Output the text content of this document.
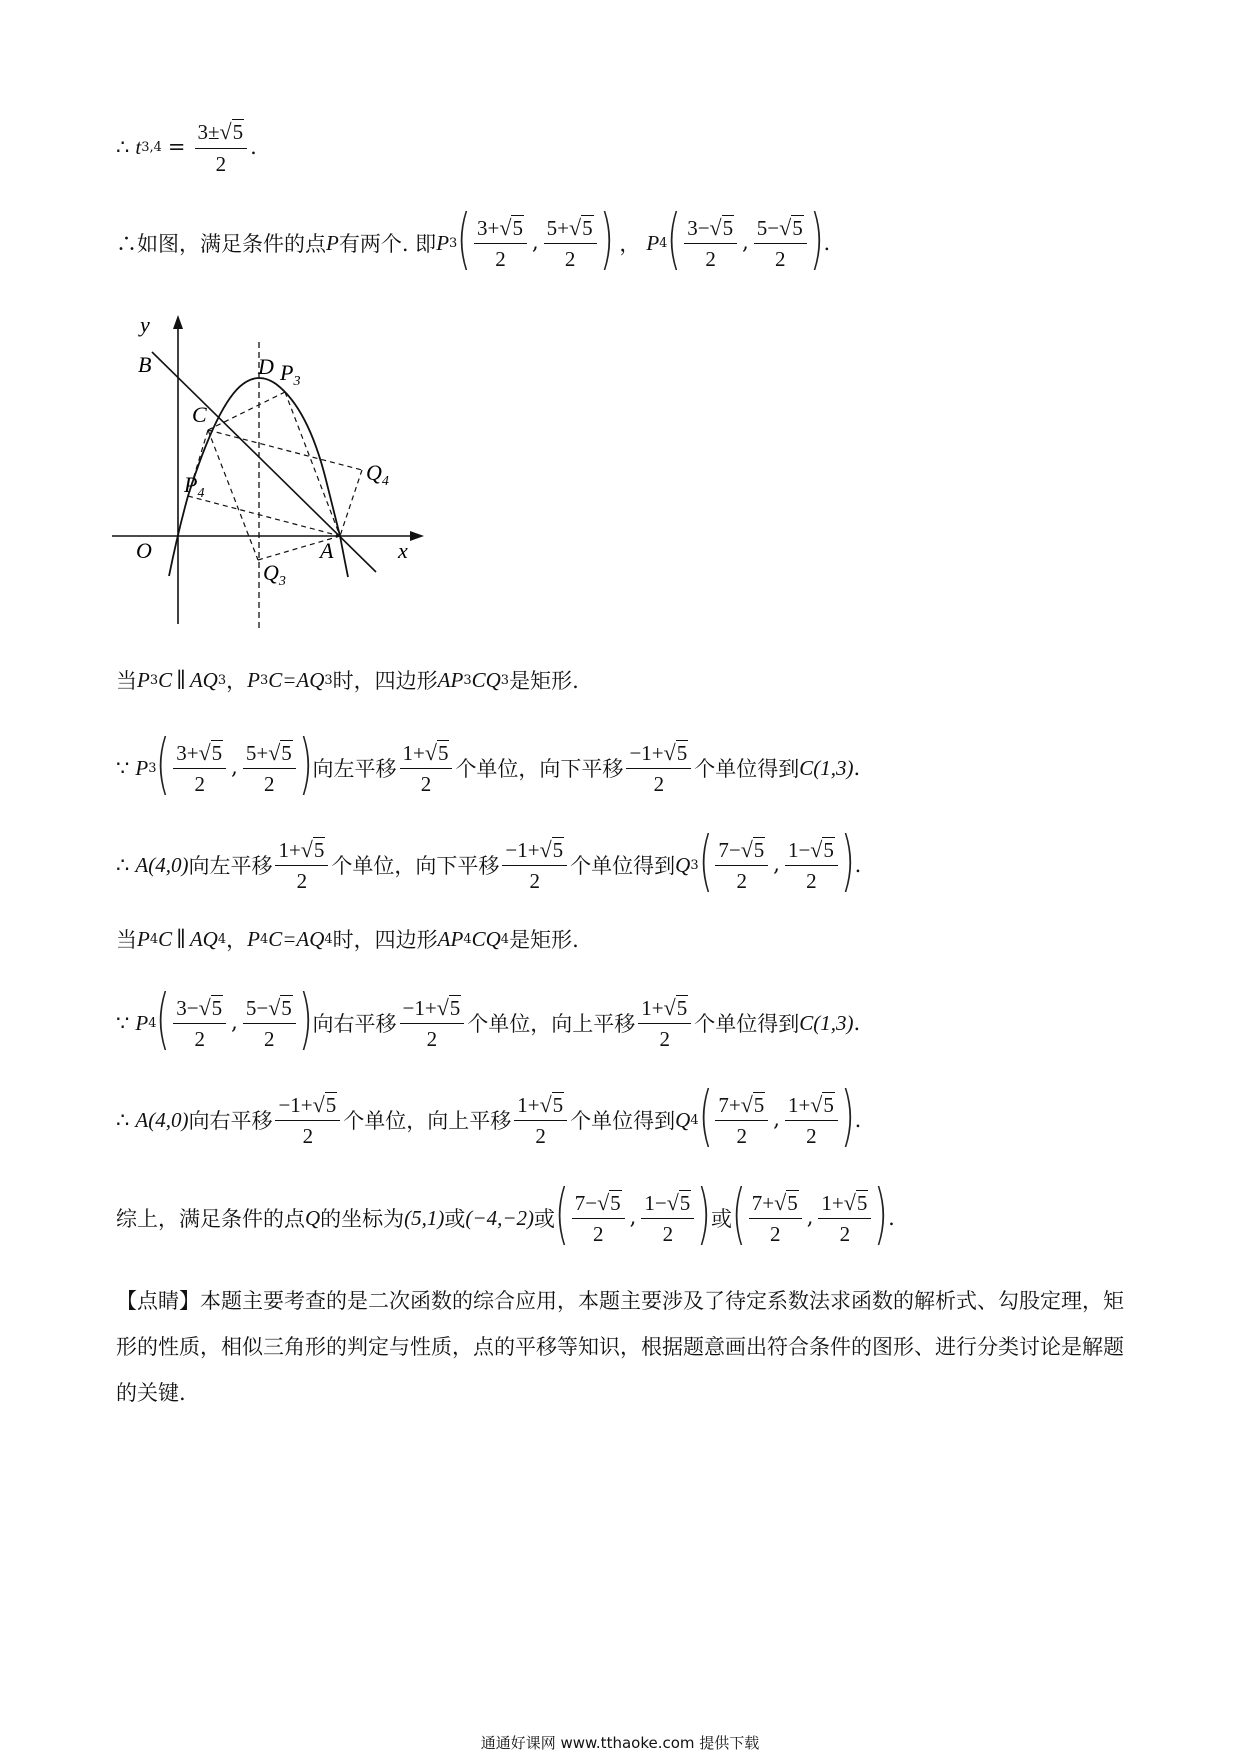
∴ t $3,4 = \frac{3\pm√5}{2}$ .
∴如图，满足条件的点 P 有两个. 即 P 3 ( $\frac{3+√5}{2}$ , $\frac{5+√5}{2}$ ) ， P 4 ( $\frac{3-√5}{2}$ , $\frac{5-√5}{2}$ ) .
y
x
O	A
B
C
D $P_3$
$P_4$
$Q_4$
$Q_3$
当 P 3 C ∥ AQ 3 ， P 3 C=AQ 3 时，四边形 AP 3 CQ 3 是矩形.
∵ P 3 ( $\frac{3+√5}{2}$ , $\frac{5+√5}{2}$ ) 向左平移 $\frac{1+√5}{2}$ 个单位，向下平移 $\frac{-1+√5}{2}$ 个单位得到 C (1,3) .
∴ A (4,0) 向左平移 $\frac{1+√5}{2}$ 个单位，向下平移 $\frac{-1+√5}{2}$ 个单位得到 Q 3 ( $\frac{7-√5}{2}$ , $\frac{1-√5}{2}$ ) .
当 P 4 C ∥ AQ 4 ， P 4 C=AQ 4 时，四边形 AP 4 CQ 4 是矩形.
∵ P 4 ( $\frac{3-√5}{2}$ , $\frac{5-√5}{2}$ ) 向右平移 $\frac{-1+√5}{2}$ 个单位，向上平移 $\frac{1+√5}{2}$ 个单位得到 C (1,3) .
∴ A (4,0) 向右平移 $\frac{-1+√5}{2}$ 个单位，向上平移 $\frac{1+√5}{2}$ 个单位得到 Q 4 ( $\frac{7+√5}{2}$ , $\frac{1+√5}{2}$ ) .
综上，满足条件的点 Q 的坐标为 (5,1) 或 (−4,−2) 或 ( $\frac{7-√5}{2}$ , $\frac{1-√5}{2}$ ) 或 ( $\frac{7+√5}{2}$ , $\frac{1+√5}{2}$ ) .
【点睛】本题主要考查的是二次函数的综合应用，本题主要涉及了待定系数法求函数的解析式、勾股定理，矩形的性质，相似三角形的判定与性质，点的平移等知识，根据题意画出符合条件的图形、进行分类讨论是解题的关键.
通通好课网 www.tthaoke.com 提供下载
